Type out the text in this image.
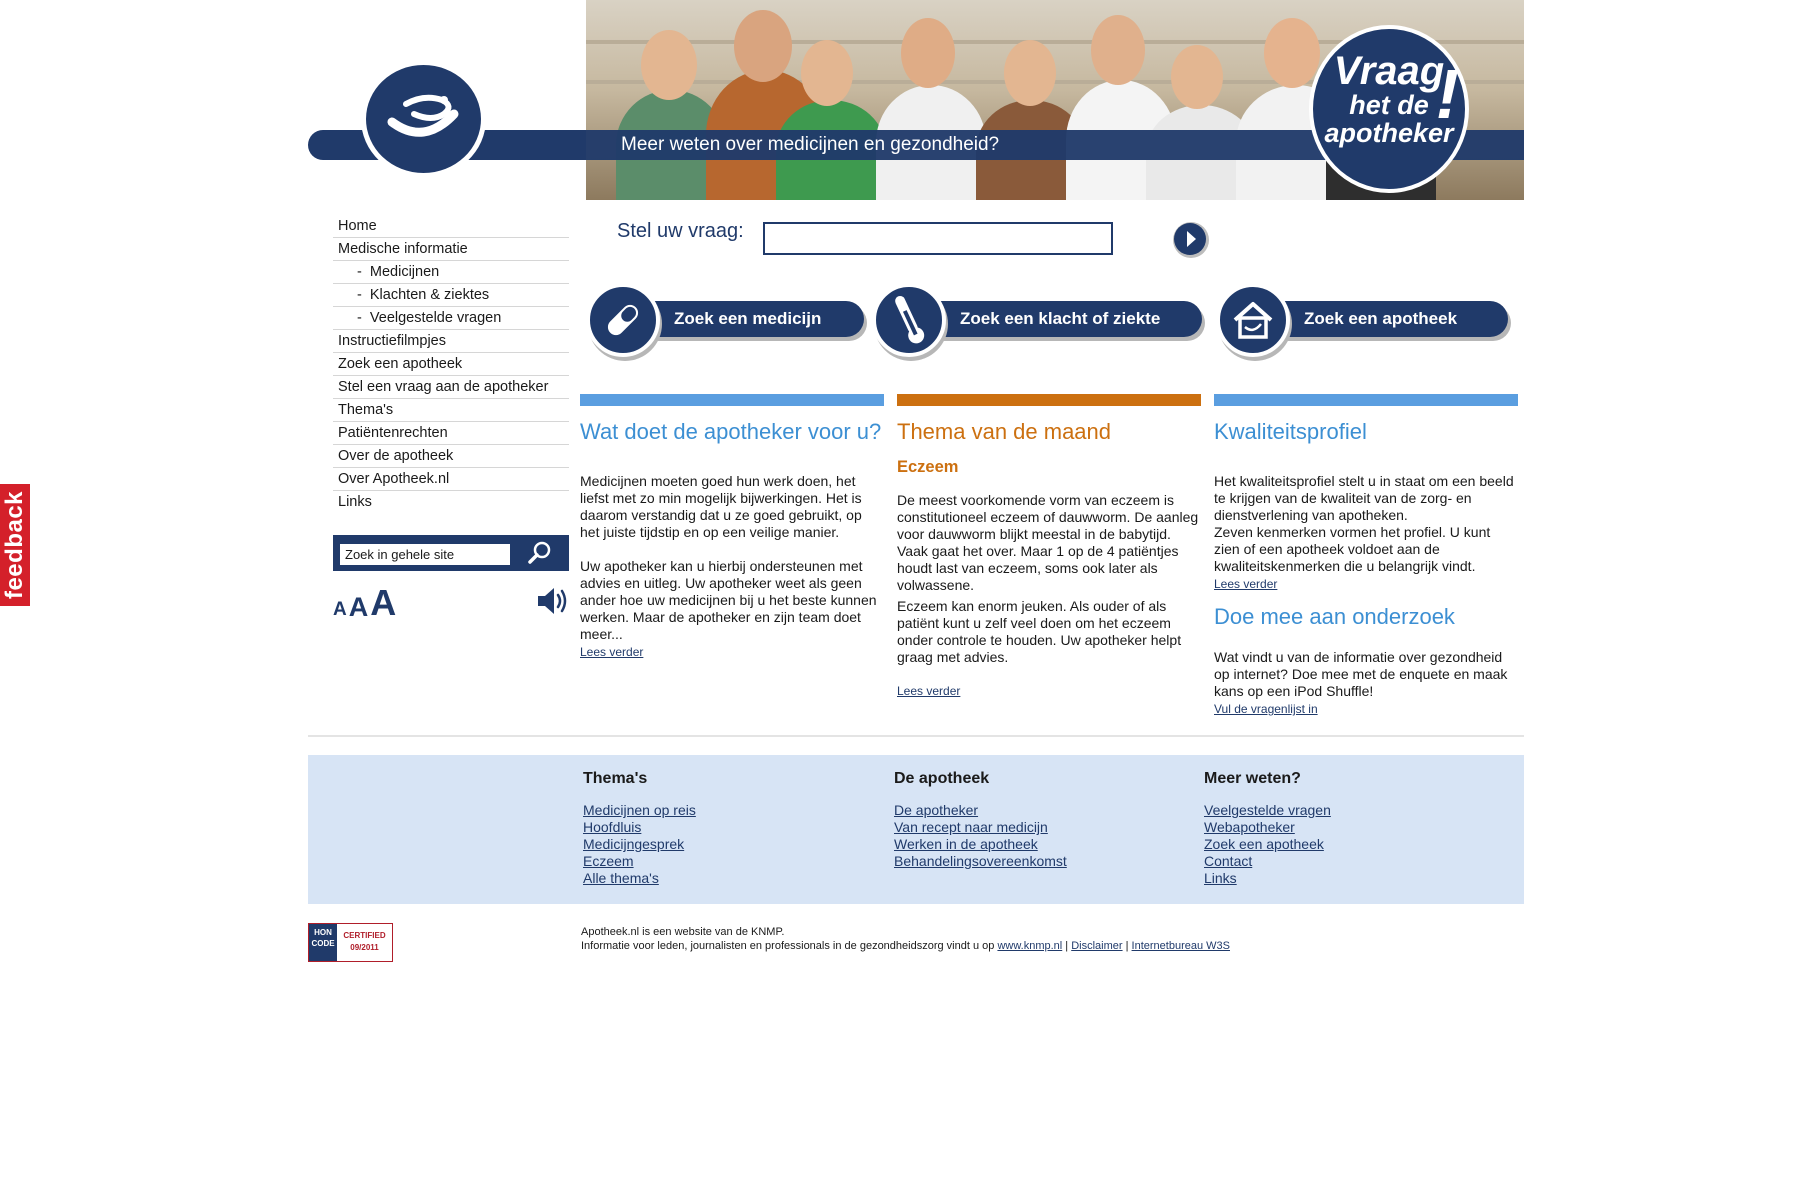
feedback
Meer weten over medicijnen en gezondheid?
Vraag
het de
apotheker
!
Home
Medische informatie
- Medicijnen
- Klachten & ziektes
- Veelgestelde vragen
Instructiefilmpjes
Zoek een apotheek
Stel een vraag aan de apotheker
Thema's
Patiëntenrechten
Over de apotheek
Over Apotheek.nl
Links
Zoek in gehele site
A A A
Stel uw vraag:
Zoek een medicijn	Zoek een klacht of ziekte	Zoek een apotheek
Wat doet de apotheker voor u?

Medicijnen moeten goed hun werk doen, het liefst met zo min mogelijk bijwerkingen. Het is daarom verstandig dat u ze goed gebruikt, op het juiste tijdstip en op een veilige manier.

Uw apotheker kan u hierbij ondersteunen met advies en uitleg. Uw apotheker weet als geen ander hoe uw medicijnen bij u het beste kunnen werken. Maar de apotheker en zijn team doet meer...

Lees verder
Thema van de maand
Eczeem

De meest voorkomende vorm van eczeem is constitutioneel eczeem of dauwworm. De aanleg voor dauwworm blijkt meestal in de babytijd. Vaak gaat het over. Maar 1 op de 4 patiëntjes houdt last van eczeem, soms ook later als volwassene.

Eczeem kan enorm jeuken. Als ouder of als patiënt kunt u zelf veel doen om het eczeem onder controle te houden. Uw apotheker helpt graag met advies.

Lees verder
Kwaliteitsprofiel

Het kwaliteitsprofiel stelt u in staat om een beeld te krijgen van de kwaliteit van de zorg- en dienstverlening van apotheken.

Zeven kenmerken vormen het profiel. U kunt zien of een apotheek voldoet aan de kwaliteitskenmerken die u belangrijk vindt.

Lees verder
Doe mee aan onderzoek

Wat vindt u van de informatie over gezondheid op internet? Doe mee met de enquete en maak kans op een iPod Shuffle!

Vul de vragenlijst in
Thema's
Medicijnen op reis
Hoofdluis
Medicijngesprek
Eczeem
Alle thema's
De apotheek
De apotheker
Van recept naar medicijn
Werken in de apotheek
Behandelingsovereenkomst
Meer weten?
Veelgestelde vragen
Webapotheker
Zoek een apotheek
Contact
Links
HON CODE
CERTIFIED
09/2011
Apotheek.nl is een website van de KNMP.
Informatie voor leden, journalisten en professionals in de gezondheidszorg vindt u op www.knmp.nl | Disclaimer | Internetbureau W3S
